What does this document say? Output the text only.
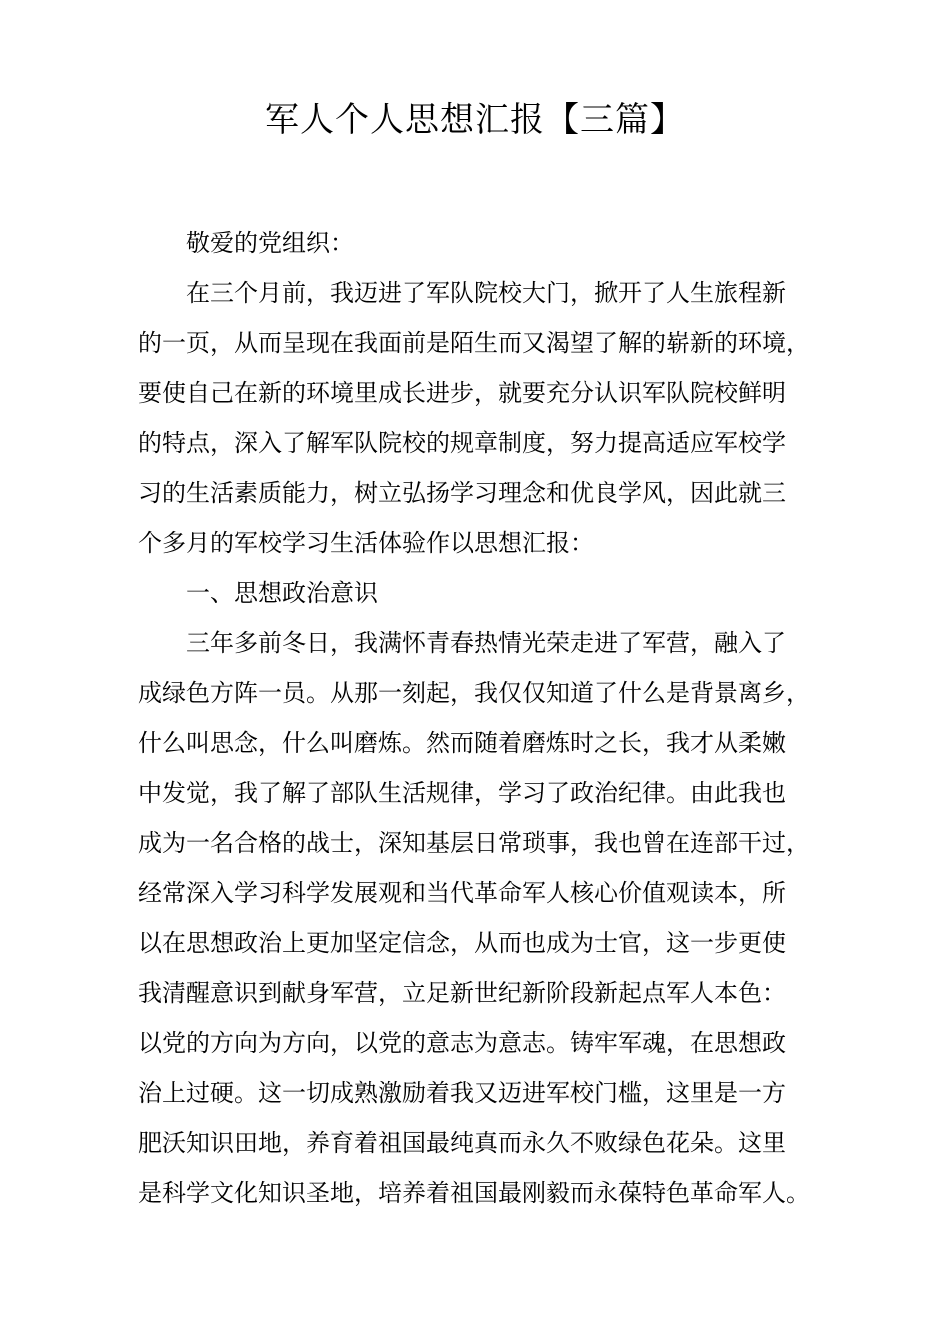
军人个人思想汇报【三篇】
敬爱的党组织：
在三个月前，我迈进了军队院校大门，掀开了人生旅程新
的一页，从而呈现在我面前是陌生而又渴望了解的崭新的环境，
要使自己在新的环境里成长进步，就要充分认识军队院校鲜明
的特点，深入了解军队院校的规章制度，努力提高适应军校学
习的生活素质能力，树立弘扬学习理念和优良学风，因此就三
个多月的军校学习生活体验作以思想汇报：
一、思想政治意识
三年多前冬日，我满怀青春热情光荣走进了军营，融入了
成绿色方阵一员。从那一刻起，我仅仅知道了什么是背景离乡，
什么叫思念，什么叫磨炼。然而随着磨炼时之长，我才从柔嫩
中发觉，我了解了部队生活规律，学习了政治纪律。由此我也
成为一名合格的战士，深知基层日常琐事，我也曾在连部干过，
经常深入学习科学发展观和当代革命军人核心价值观读本，所
以在思想政治上更加坚定信念，从而也成为士官，这一步更使
我清醒意识到献身军营，立足新世纪新阶段新起点军人本色：
以党的方向为方向，以党的意志为意志。铸牢军魂，在思想政
治上过硬。这一切成熟激励着我又迈进军校门槛，这里是一方
肥沃知识田地，养育着祖国最纯真而永久不败绿色花朵。这里
是科学文化知识圣地，培养着祖国最刚毅而永葆特色革命军人。
